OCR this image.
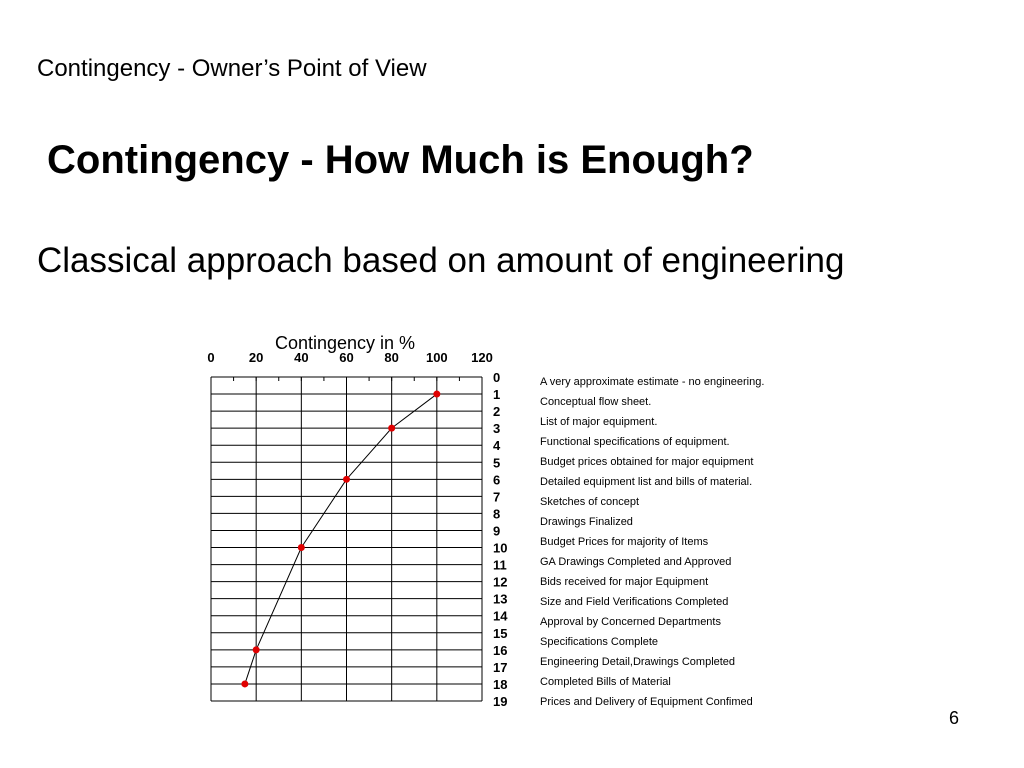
Contingency - Owner’s Point of View
Contingency - How Much is Enough?
Classical approach based on amount of engineering
6
Contingency in %
0	20 40 60 80 100 120
0
1
2
3
4
5
6
7
8
9
10
11
12
13
14
15
16
17
18
19
A very approximate estimate - no engineering.
Conceptual flow sheet.
List of major equipment.
Functional specifications of equipment.
Budget prices obtained for major equipment
Detailed equipment list and bills of material.
Sketches of concept
Drawings Finalized
Budget Prices for majority of Items
GA Drawings Completed and Approved
Bids received for major Equipment
Size and Field Verifications Completed
Approval by Concerned Departments
Specifications Complete
Engineering Detail,Drawings Completed
Completed Bills of Material
Prices and Delivery of Equipment Confimed
